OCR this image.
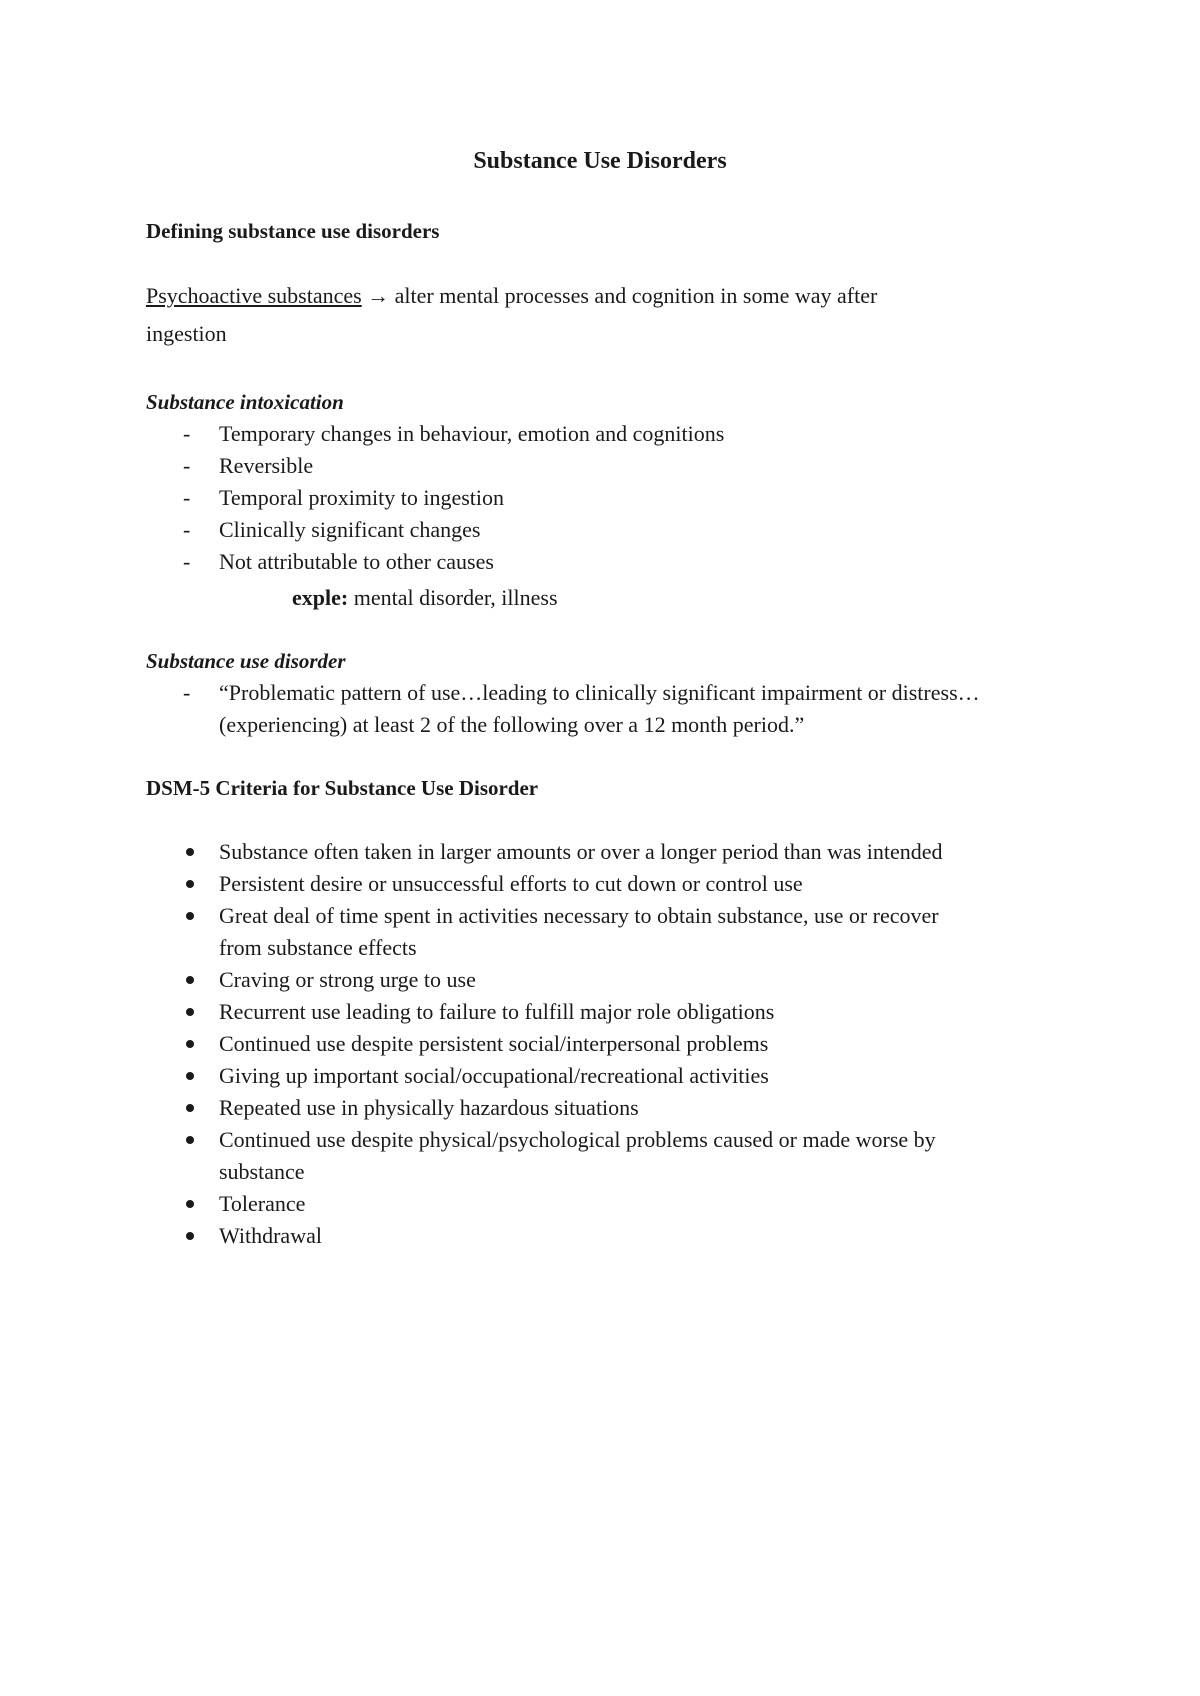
Substance Use Disorders
Defining substance use disorders
Psychoactive substances → alter mental processes and cognition in some way after
ingestion
Substance intoxication
- Temporary changes in behaviour, emotion and cognitions
- Reversible
- Temporal proximity to ingestion
- Clinically significant changes
- Not attributable to other causes
exple: mental disorder, illness
Substance use disorder
- “Problematic pattern of use…leading to clinically significant impairment or distress…
(experiencing) at least 2 of the following over a 12 month period.”
DSM-5 Criteria for Substance Use Disorder
Substance often taken in larger amounts or over a longer period than was intended
Persistent desire or unsuccessful efforts to cut down or control use
Great deal of time spent in activities necessary to obtain substance, use or recover
from substance effects
Craving or strong urge to use
Recurrent use leading to failure to fulfill major role obligations
Continued use despite persistent social/interpersonal problems
Giving up important social/occupational/recreational activities
Repeated use in physically hazardous situations
Continued use despite physical/psychological problems caused or made worse by
substance
Tolerance
Withdrawal
